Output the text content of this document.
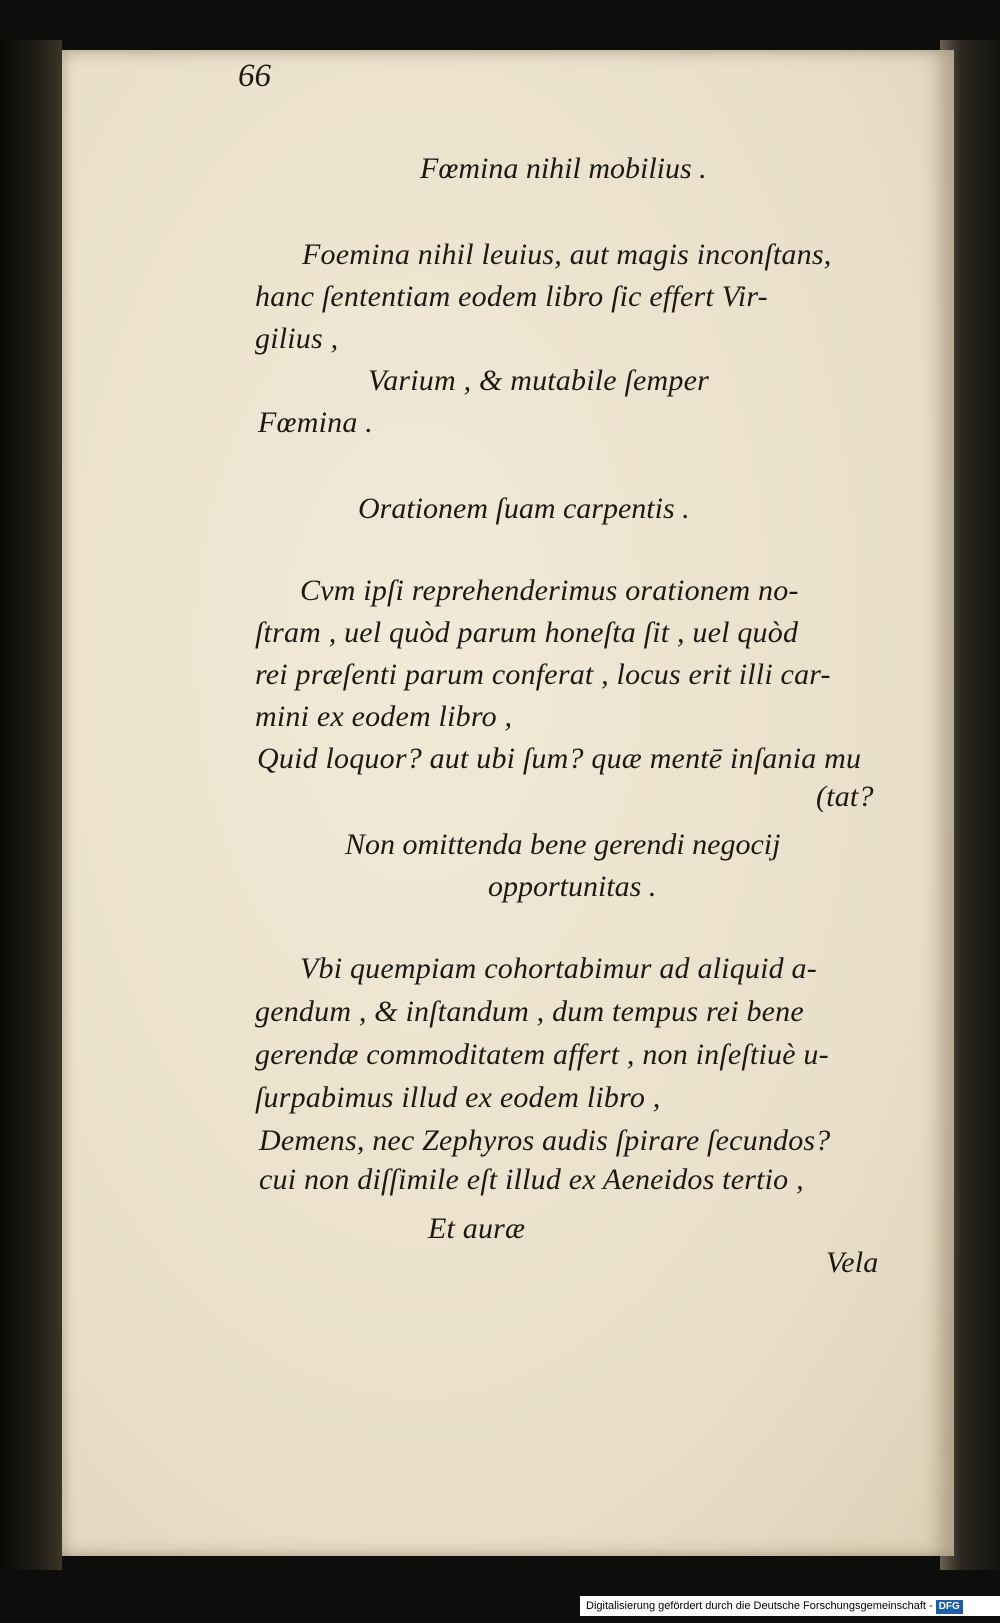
66
Fœmina nihil mobilius .
Foemina nihil leuius, aut magis inconſtans,
hanc ſententiam eodem libro ſic effert Vir-
gilius ,
Varium , & mutabile ſemper
Fœmina .
Orationem ſuam carpentis .
Cvm ipſi reprehenderimus orationem no-
ſtram , uel quòd parum honeſta ſit , uel quòd
rei præſenti parum conferat , locus erit illi car-
mini ex eodem libro ,
Quid loquor? aut ubi ſum? quæ mentē inſania mu
(tat?
Non omittenda bene gerendi negocij
opportunitas .
Vbi quempiam cohortabimur ad aliquid a-
gendum , & inſtandum , dum tempus rei bene
gerendæ commoditatem affert , non inſeſtiuè u-
ſurpabimus illud ex eodem libro ,
Demens, nec Zephyros audis ſpirare ſecundos?
cui non diſſimile eſt illud ex Aeneidos tertio ,
Et auræ
Vela
Digitalisierung gefördert durch die Deutsche Forschungsgemeinschaft - DFG
